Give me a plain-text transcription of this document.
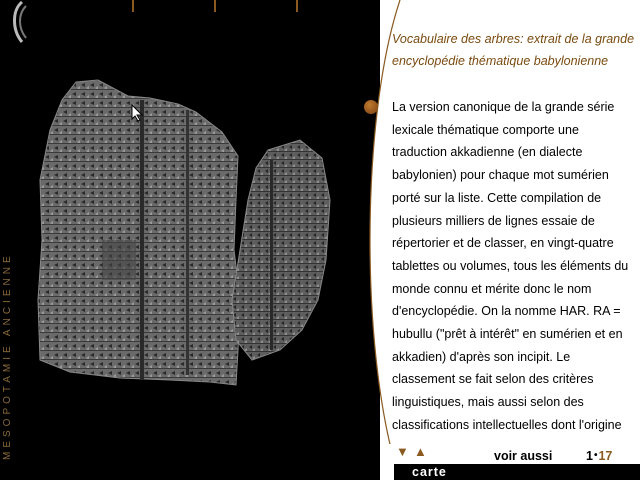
MESOPOTAMIE ANCIENNE
Vocabulaire des arbres: extrait de la grande encyclopédie thématique babylonienne
La version canonique de la grande série lexicale thématique comporte une traduction akkadienne (en dialecte babylonien) pour chaque mot sumérien porté sur la liste. Cette compilation de plusieurs milliers de lignes essaie de répertorier et de classer, en vingt-quatre tablettes ou volumes, tous les éléments du monde connu et mérite donc le nom d'encyclopédie. On la nomme HAR. RA = hubullu ("prêt à intérêt" en sumérien et en akkadien) d'après son incipit. Le classement se fait selon des critères linguistiques, mais aussi selon des classifications intellectuelles dont l'origine
▼ ▲	voir aussi	1•17
carte
